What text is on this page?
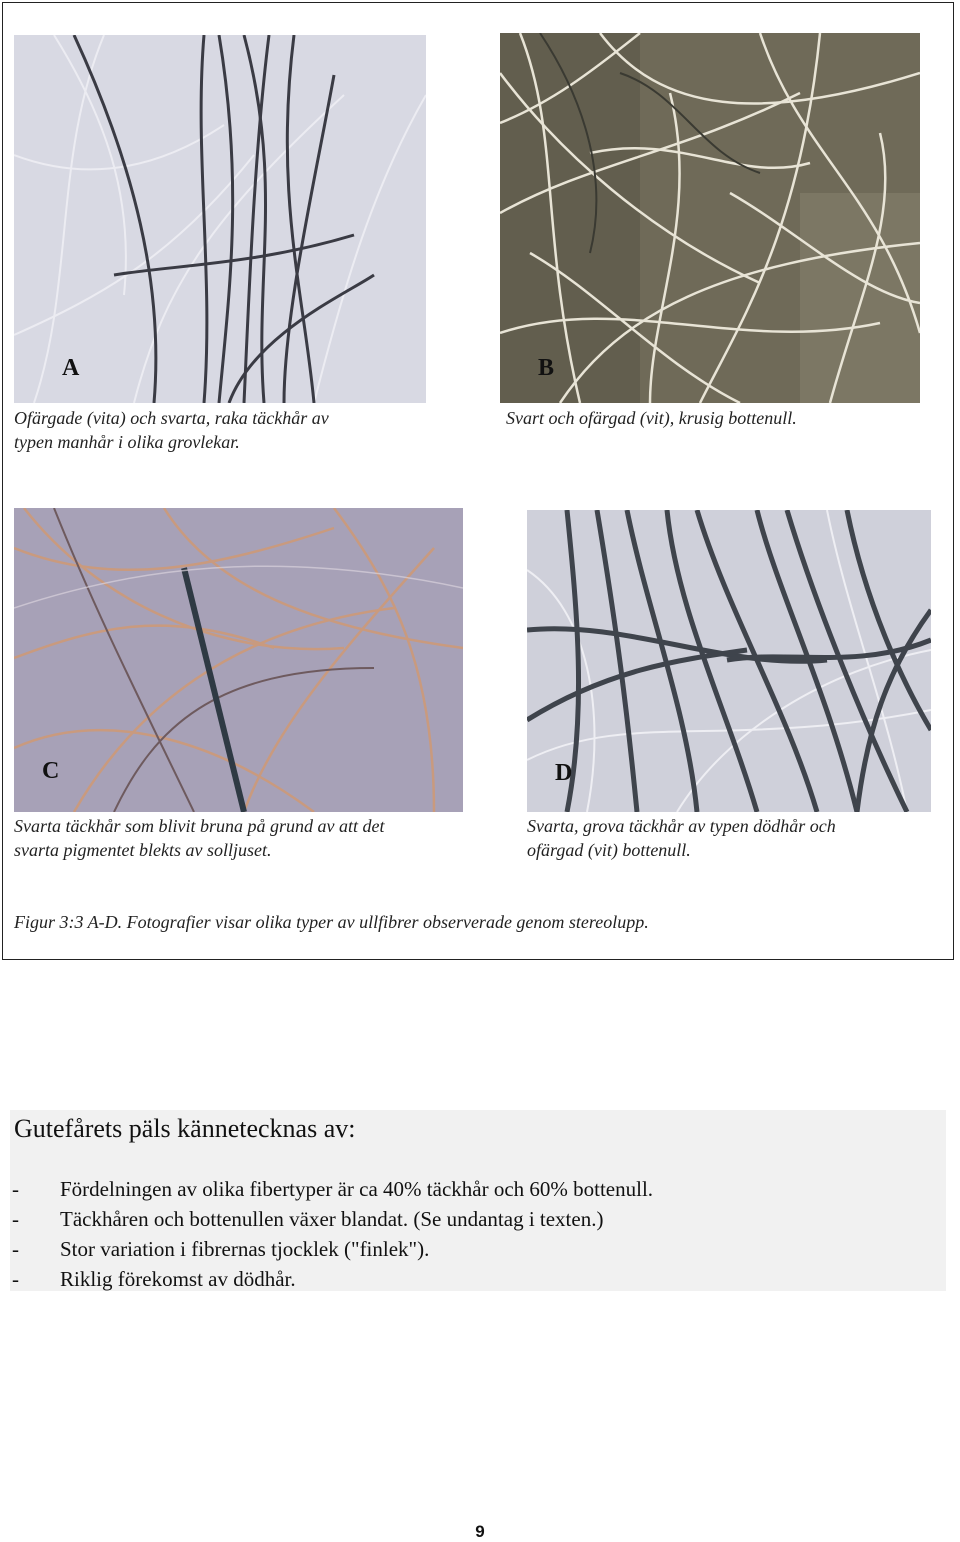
A
Ofärgade (vita) och svarta, raka täckhår av
typen manhår i olika grovlekar.
B
Svart och ofärgad (vit), krusig bottenull.
C
Svarta täckhår som blivit bruna på grund av att det
svarta pigmentet blekts av solljuset.
D
Svarta, grova täckhår av typen dödhår och
ofärgad (vit) bottenull.
Figur 3:3 A-D. Fotografier visar olika typer av ullfibrer observerade genom stereolupp.
Gutefårets päls kännetecknas av:
-	Fördelningen av olika fibertyper är ca 40% täckhår och 60% bottenull.
-	Täckhåren och bottenullen växer blandat. (Se undantag i texten.)
-	Stor variation i fibrernas tjocklek ("finlek").
-	Riklig förekomst av dödhår.
9
